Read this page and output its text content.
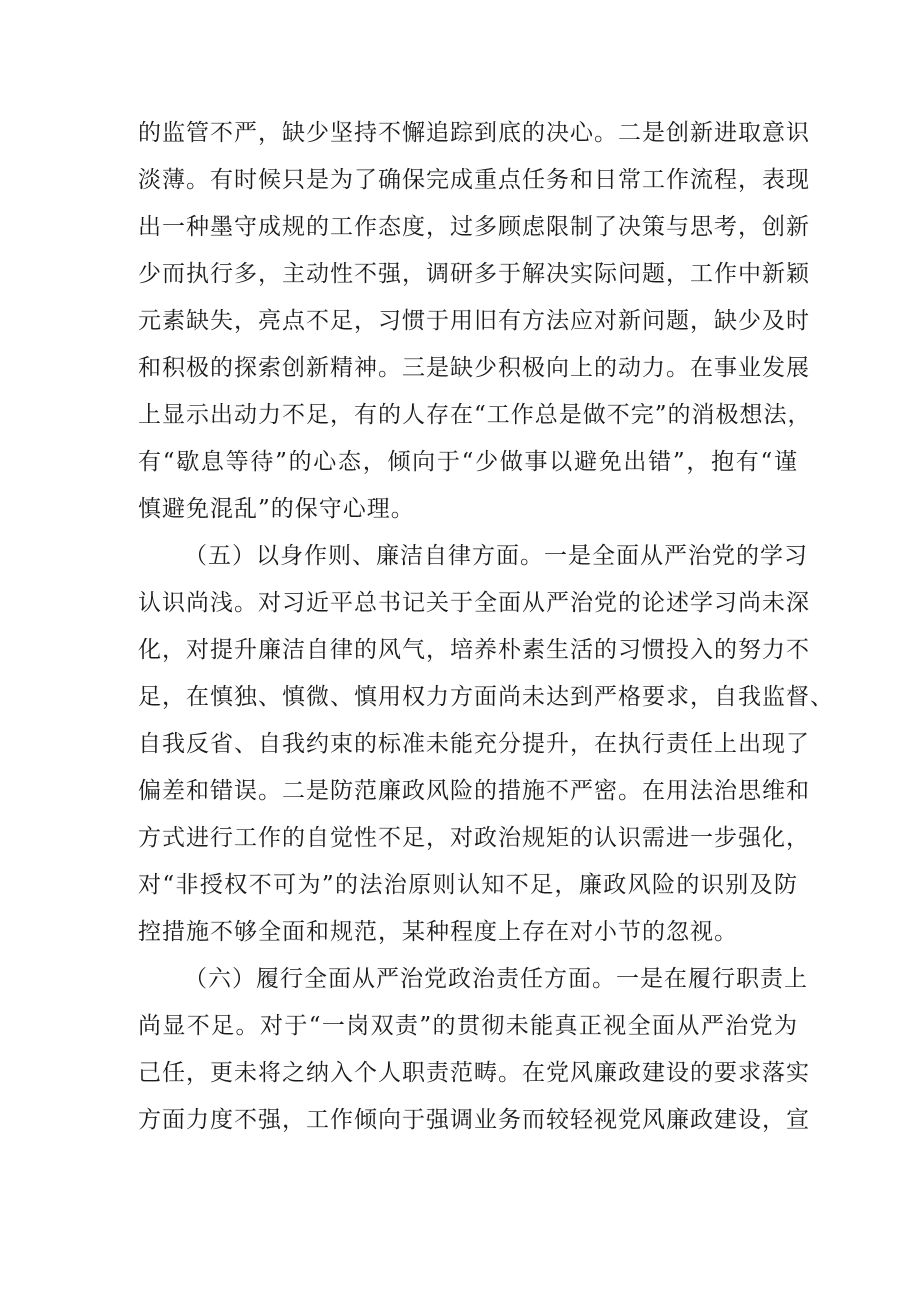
的监管不严，缺少坚持不懈追踪到底的决心。二是创新进取意识
淡薄。有时候只是为了确保完成重点任务和日常工作流程，表现
出一种墨守成规的工作态度，过多顾虑限制了决策与思考，创新
少而执行多，主动性不强，调研多于解决实际问题，工作中新颖
元素缺失，亮点不足，习惯于用旧有方法应对新问题，缺少及时
和积极的探索创新精神。三是缺少积极向上的动力。在事业发展
上显示出动力不足，有的人存在“工作总是做不完”的消极想法，
有“歇息等待”的心态，倾向于“少做事以避免出错”，抱有“谨
慎避免混乱”的保守心理。
（五）以身作则、廉洁自律方面。一是全面从严治党的学习
认识尚浅。对习近平总书记关于全面从严治党的论述学习尚未深
化，对提升廉洁自律的风气，培养朴素生活的习惯投入的努力不
足，在慎独、慎微、慎用权力方面尚未达到严格要求，自我监督、
自我反省、自我约束的标准未能充分提升，在执行责任上出现了
偏差和错误。二是防范廉政风险的措施不严密。在用法治思维和
方式进行工作的自觉性不足，对政治规矩的认识需进一步强化，
对“非授权不可为”的法治原则认知不足，廉政风险的识别及防
控措施不够全面和规范，某种程度上存在对小节的忽视。
（六）履行全面从严治党政治责任方面。一是在履行职责上
尚显不足。对于“一岗双责”的贯彻未能真正视全面从严治党为
己任，更未将之纳入个人职责范畴。在党风廉政建设的要求落实
方面力度不强，工作倾向于强调业务而较轻视党风廉政建设，宣
